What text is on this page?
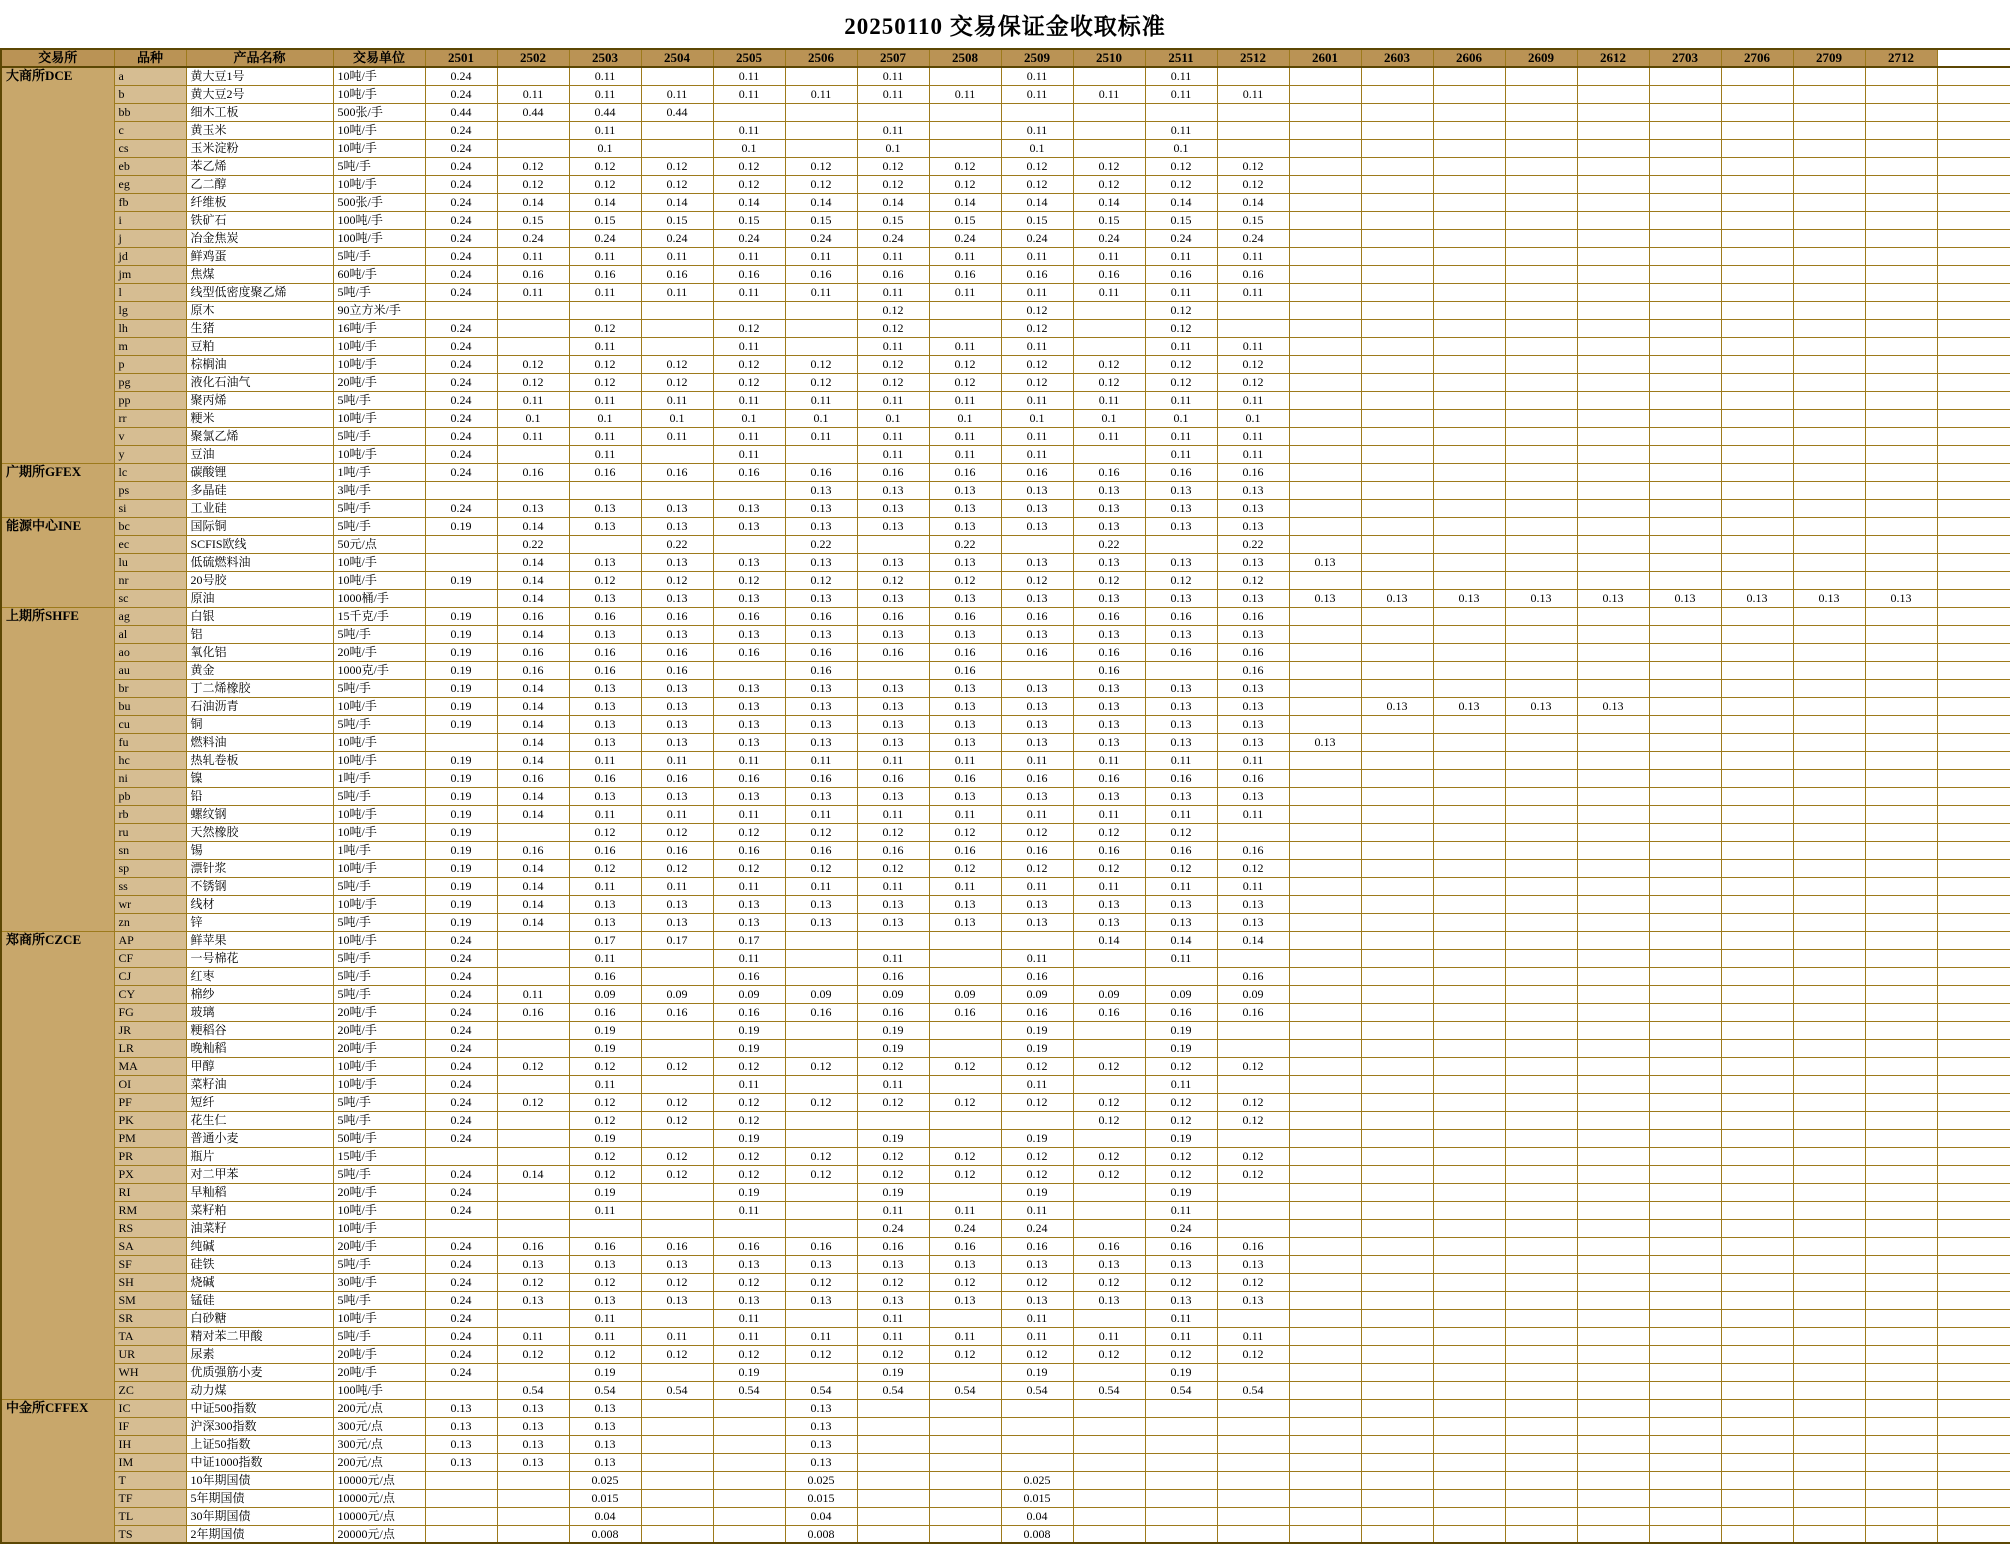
20250110 交易保证金收取标准
交易所	品种	产品名称	交易单位	2501	2502	2503	2504	2505	2506	2507	2508	2509	2510	2511	2512	2601	2603	2606	2609	2612	2703	2706	2709	2712	
大商所DCE	a	黄大豆1号	10吨/手	0.24		0.11		0.11		0.11		0.11		0.11											
	b	黄大豆2号	10吨/手	0.24	0.11	0.11	0.11	0.11	0.11	0.11	0.11	0.11	0.11	0.11	0.11										
	bb	细木工板	500张/手	0.44	0.44	0.44	0.44																		
	c	黄玉米	10吨/手	0.24		0.11		0.11		0.11		0.11		0.11											
	cs	玉米淀粉	10吨/手	0.24		0.1		0.1		0.1		0.1		0.1											
	eb	苯乙烯	5吨/手	0.24	0.12	0.12	0.12	0.12	0.12	0.12	0.12	0.12	0.12	0.12	0.12										
	eg	乙二醇	10吨/手	0.24	0.12	0.12	0.12	0.12	0.12	0.12	0.12	0.12	0.12	0.12	0.12										
	fb	纤维板	500张/手	0.24	0.14	0.14	0.14	0.14	0.14	0.14	0.14	0.14	0.14	0.14	0.14										
	i	铁矿石	100吨/手	0.24	0.15	0.15	0.15	0.15	0.15	0.15	0.15	0.15	0.15	0.15	0.15										
	j	冶金焦炭	100吨/手	0.24	0.24	0.24	0.24	0.24	0.24	0.24	0.24	0.24	0.24	0.24	0.24										
	jd	鲜鸡蛋	5吨/手	0.24	0.11	0.11	0.11	0.11	0.11	0.11	0.11	0.11	0.11	0.11	0.11										
	jm	焦煤	60吨/手	0.24	0.16	0.16	0.16	0.16	0.16	0.16	0.16	0.16	0.16	0.16	0.16										
	l	线型低密度聚乙烯	5吨/手	0.24	0.11	0.11	0.11	0.11	0.11	0.11	0.11	0.11	0.11	0.11	0.11										
	lg	原木	90立方米/手							0.12		0.12		0.12											
	lh	生猪	16吨/手	0.24		0.12		0.12		0.12		0.12		0.12											
	m	豆粕	10吨/手	0.24		0.11		0.11		0.11	0.11	0.11		0.11	0.11										
	p	棕榈油	10吨/手	0.24	0.12	0.12	0.12	0.12	0.12	0.12	0.12	0.12	0.12	0.12	0.12										
	pg	液化石油气	20吨/手	0.24	0.12	0.12	0.12	0.12	0.12	0.12	0.12	0.12	0.12	0.12	0.12										
	pp	聚丙烯	5吨/手	0.24	0.11	0.11	0.11	0.11	0.11	0.11	0.11	0.11	0.11	0.11	0.11										
	rr	粳米	10吨/手	0.24	0.1	0.1	0.1	0.1	0.1	0.1	0.1	0.1	0.1	0.1	0.1										
	v	聚氯乙烯	5吨/手	0.24	0.11	0.11	0.11	0.11	0.11	0.11	0.11	0.11	0.11	0.11	0.11										
	y	豆油	10吨/手	0.24		0.11		0.11		0.11	0.11	0.11		0.11	0.11										
广期所GFEX	lc	碳酸锂	1吨/手	0.24	0.16	0.16	0.16	0.16	0.16	0.16	0.16	0.16	0.16	0.16	0.16										
	ps	多晶硅	3吨/手						0.13	0.13	0.13	0.13	0.13	0.13	0.13										
	si	工业硅	5吨/手	0.24	0.13	0.13	0.13	0.13	0.13	0.13	0.13	0.13	0.13	0.13	0.13										
能源中心INE	bc	国际铜	5吨/手	0.19	0.14	0.13	0.13	0.13	0.13	0.13	0.13	0.13	0.13	0.13	0.13										
	ec	SCFIS欧线	50元/点		0.22		0.22		0.22		0.22		0.22		0.22										
	lu	低硫燃料油	10吨/手		0.14	0.13	0.13	0.13	0.13	0.13	0.13	0.13	0.13	0.13	0.13	0.13									
	nr	20号胶	10吨/手	0.19	0.14	0.12	0.12	0.12	0.12	0.12	0.12	0.12	0.12	0.12	0.12										
	sc	原油	1000桶/手		0.14	0.13	0.13	0.13	0.13	0.13	0.13	0.13	0.13	0.13	0.13	0.13	0.13	0.13	0.13	0.13	0.13	0.13	0.13	0.13	
上期所SHFE	ag	白银	15千克/手	0.19	0.16	0.16	0.16	0.16	0.16	0.16	0.16	0.16	0.16	0.16	0.16										
	al	铝	5吨/手	0.19	0.14	0.13	0.13	0.13	0.13	0.13	0.13	0.13	0.13	0.13	0.13										
	ao	氧化铝	20吨/手	0.19	0.16	0.16	0.16	0.16	0.16	0.16	0.16	0.16	0.16	0.16	0.16										
	au	黄金	1000克/手	0.19	0.16	0.16	0.16		0.16		0.16		0.16		0.16										
	br	丁二烯橡胶	5吨/手	0.19	0.14	0.13	0.13	0.13	0.13	0.13	0.13	0.13	0.13	0.13	0.13										
	bu	石油沥青	10吨/手	0.19	0.14	0.13	0.13	0.13	0.13	0.13	0.13	0.13	0.13	0.13	0.13		0.13	0.13	0.13	0.13					
	cu	铜	5吨/手	0.19	0.14	0.13	0.13	0.13	0.13	0.13	0.13	0.13	0.13	0.13	0.13										
	fu	燃料油	10吨/手		0.14	0.13	0.13	0.13	0.13	0.13	0.13	0.13	0.13	0.13	0.13	0.13									
	hc	热轧卷板	10吨/手	0.19	0.14	0.11	0.11	0.11	0.11	0.11	0.11	0.11	0.11	0.11	0.11										
	ni	镍	1吨/手	0.19	0.16	0.16	0.16	0.16	0.16	0.16	0.16	0.16	0.16	0.16	0.16										
	pb	铅	5吨/手	0.19	0.14	0.13	0.13	0.13	0.13	0.13	0.13	0.13	0.13	0.13	0.13										
	rb	螺纹钢	10吨/手	0.19	0.14	0.11	0.11	0.11	0.11	0.11	0.11	0.11	0.11	0.11	0.11										
	ru	天然橡胶	10吨/手	0.19		0.12	0.12	0.12	0.12	0.12	0.12	0.12	0.12	0.12											
	sn	锡	1吨/手	0.19	0.16	0.16	0.16	0.16	0.16	0.16	0.16	0.16	0.16	0.16	0.16										
	sp	漂针浆	10吨/手	0.19	0.14	0.12	0.12	0.12	0.12	0.12	0.12	0.12	0.12	0.12	0.12										
	ss	不锈钢	5吨/手	0.19	0.14	0.11	0.11	0.11	0.11	0.11	0.11	0.11	0.11	0.11	0.11										
	wr	线材	10吨/手	0.19	0.14	0.13	0.13	0.13	0.13	0.13	0.13	0.13	0.13	0.13	0.13										
	zn	锌	5吨/手	0.19	0.14	0.13	0.13	0.13	0.13	0.13	0.13	0.13	0.13	0.13	0.13										
郑商所CZCE	AP	鲜苹果	10吨/手	0.24		0.17	0.17	0.17					0.14	0.14	0.14										
	CF	一号棉花	5吨/手	0.24		0.11		0.11		0.11		0.11		0.11											
	CJ	红枣	5吨/手	0.24		0.16		0.16		0.16		0.16			0.16										
	CY	棉纱	5吨/手	0.24	0.11	0.09	0.09	0.09	0.09	0.09	0.09	0.09	0.09	0.09	0.09										
	FG	玻璃	20吨/手	0.24	0.16	0.16	0.16	0.16	0.16	0.16	0.16	0.16	0.16	0.16	0.16										
	JR	粳稻谷	20吨/手	0.24		0.19		0.19		0.19		0.19		0.19											
	LR	晚籼稻	20吨/手	0.24		0.19		0.19		0.19		0.19		0.19											
	MA	甲醇	10吨/手	0.24	0.12	0.12	0.12	0.12	0.12	0.12	0.12	0.12	0.12	0.12	0.12										
	OI	菜籽油	10吨/手	0.24		0.11		0.11		0.11		0.11		0.11											
	PF	短纤	5吨/手	0.24	0.12	0.12	0.12	0.12	0.12	0.12	0.12	0.12	0.12	0.12	0.12										
	PK	花生仁	5吨/手	0.24		0.12	0.12	0.12					0.12	0.12	0.12										
	PM	普通小麦	50吨/手	0.24		0.19		0.19		0.19		0.19		0.19											
	PR	瓶片	15吨/手			0.12	0.12	0.12	0.12	0.12	0.12	0.12	0.12	0.12	0.12										
	PX	对二甲苯	5吨/手	0.24	0.14	0.12	0.12	0.12	0.12	0.12	0.12	0.12	0.12	0.12	0.12										
	RI	早籼稻	20吨/手	0.24		0.19		0.19		0.19		0.19		0.19											
	RM	菜籽粕	10吨/手	0.24		0.11		0.11		0.11	0.11	0.11		0.11											
	RS	油菜籽	10吨/手							0.24	0.24	0.24		0.24											
	SA	纯碱	20吨/手	0.24	0.16	0.16	0.16	0.16	0.16	0.16	0.16	0.16	0.16	0.16	0.16										
	SF	硅铁	5吨/手	0.24	0.13	0.13	0.13	0.13	0.13	0.13	0.13	0.13	0.13	0.13	0.13										
	SH	烧碱	30吨/手	0.24	0.12	0.12	0.12	0.12	0.12	0.12	0.12	0.12	0.12	0.12	0.12										
	SM	锰硅	5吨/手	0.24	0.13	0.13	0.13	0.13	0.13	0.13	0.13	0.13	0.13	0.13	0.13										
	SR	白砂糖	10吨/手	0.24		0.11		0.11		0.11		0.11		0.11											
	TA	精对苯二甲酸	5吨/手	0.24	0.11	0.11	0.11	0.11	0.11	0.11	0.11	0.11	0.11	0.11	0.11										
	UR	尿素	20吨/手	0.24	0.12	0.12	0.12	0.12	0.12	0.12	0.12	0.12	0.12	0.12	0.12										
	WH	优质强筋小麦	20吨/手	0.24		0.19		0.19		0.19		0.19		0.19											
	ZC	动力煤	100吨/手		0.54	0.54	0.54	0.54	0.54	0.54	0.54	0.54	0.54	0.54	0.54										
中金所CFFEX	IC	中证500指数	200元/点	0.13	0.13	0.13			0.13																
	IF	沪深300指数	300元/点	0.13	0.13	0.13			0.13																
	IH	上证50指数	300元/点	0.13	0.13	0.13			0.13																
	IM	中证1000指数	200元/点	0.13	0.13	0.13			0.13																
	T	10年期国债	10000元/点			0.025			0.025			0.025													
	TF	5年期国债	10000元/点			0.015			0.015			0.015													
	TL	30年期国债	10000元/点			0.04			0.04			0.04													
	TS	2年期国债	20000元/点			0.008			0.008			0.008													
